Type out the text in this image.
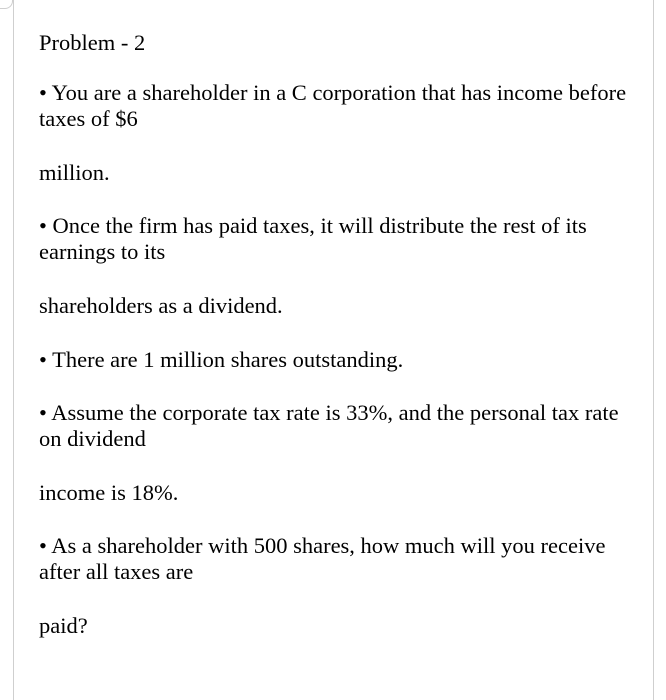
Problem - 2

• You are a shareholder in a C corporation that has income before taxes of $6

million.

• Once the firm has paid taxes, it will distribute the rest of its earnings to its

shareholders as a dividend.

• There are 1 million shares outstanding.

• Assume the corporate tax rate is 33%, and the personal tax rate on dividend

income is 18%.

• As a shareholder with 500 shares, how much will you receive after all taxes are

paid?
